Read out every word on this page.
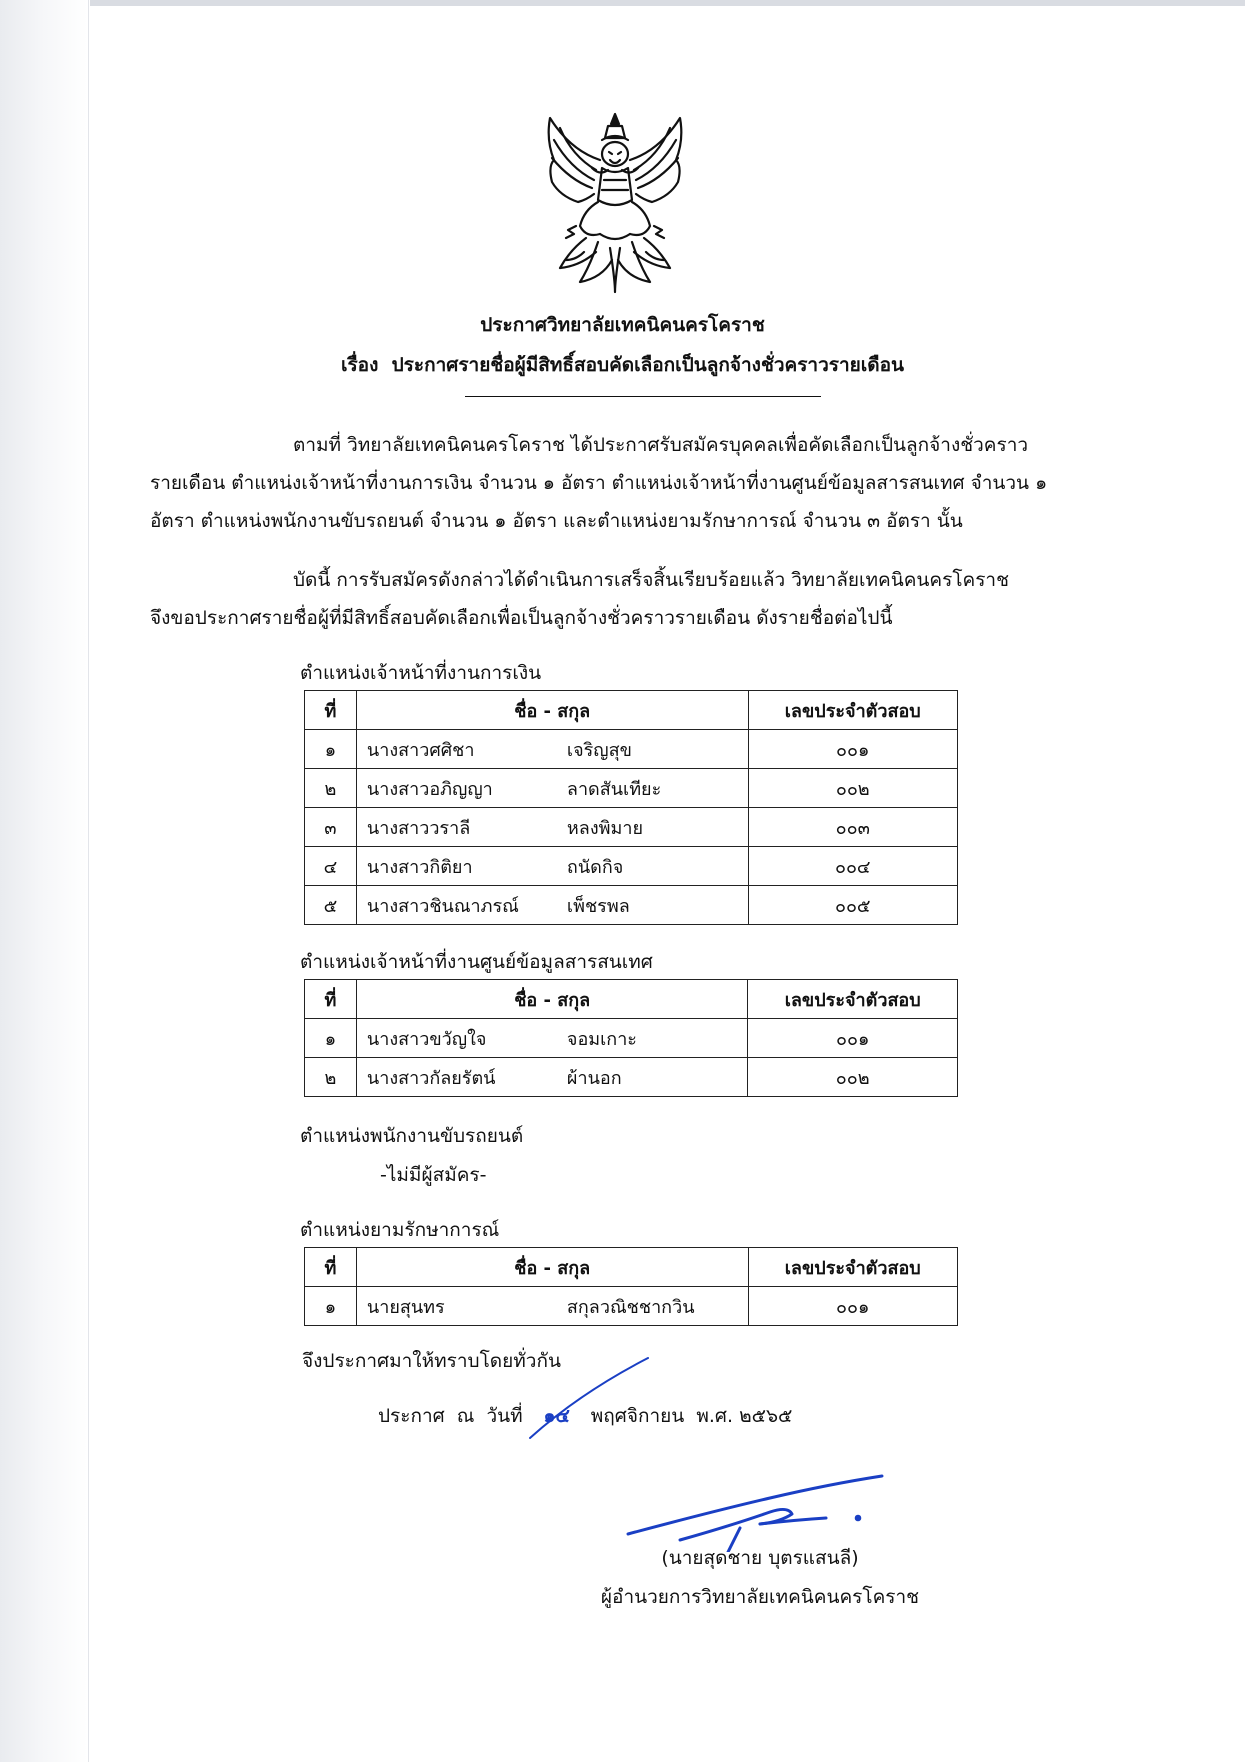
ประกาศวิทยาลัยเทคนิคนครโคราช
เรื่อง ประกาศรายชื่อผู้มีสิทธิ์สอบคัดเลือกเป็นลูกจ้างชั่วคราวรายเดือน
ตามที่ วิทยาลัยเทคนิคนครโคราช ได้ประกาศรับสมัครบุคคลเพื่อคัดเลือกเป็นลูกจ้างชั่วคราว
รายเดือน ตำแหน่งเจ้าหน้าที่งานการเงิน จำนวน ๑ อัตรา ตำแหน่งเจ้าหน้าที่งานศูนย์ข้อมูลสารสนเทศ จำนวน ๑
อัตรา ตำแหน่งพนักงานขับรถยนต์ จำนวน ๑ อัตรา และตำแหน่งยามรักษาการณ์ จำนวน ๓ อัตรา นั้น
บัดนี้ การรับสมัครดังกล่าวได้ดำเนินการเสร็จสิ้นเรียบร้อยแล้ว วิทยาลัยเทคนิคนครโคราช
จึงขอประกาศรายชื่อผู้ที่มีสิทธิ์สอบคัดเลือกเพื่อเป็นลูกจ้างชั่วคราวรายเดือน ดังรายชื่อต่อไปนี้
ตำแหน่งเจ้าหน้าที่งานการเงิน
ที่	ชื่อ - สกุล	เลขประจำตัวสอบ
๑	นางสาวศศิชา เจริญสุข	๐๐๑
๒	นางสาวอภิญญา ลาดสันเทียะ	๐๐๒
๓	นางสาววราลี หลงพิมาย	๐๐๓
๔	นางสาวกิติยา ถนัดกิจ	๐๐๔
๕	นางสาวชินณาภรณ์ เพ็ชรพล	๐๐๕
ตำแหน่งเจ้าหน้าที่งานศูนย์ข้อมูลสารสนเทศ
ที่	ชื่อ - สกุล	เลขประจำตัวสอบ
๑	นางสาวขวัญใจ จอมเกาะ	๐๐๑
๒	นางสาวกัลยรัตน์ ผ้านอก	๐๐๒
ตำแหน่งพนักงานขับรถยนต์
-ไม่มีผู้สมัคร-
ตำแหน่งยามรักษาการณ์
ที่	ชื่อ - สกุล	เลขประจำตัวสอบ
๑	นายสุนทร สกุลวณิชชากวิน	๐๐๑
จึงประกาศมาให้ทราบโดยทั่วกัน
ประกาศ  ณ  วันที่ ๑๔ พฤศจิกายน  พ.ศ. ๒๕๖๕
(นายสุดชาย บุตรแสนลี)
ผู้อำนวยการวิทยาลัยเทคนิคนครโคราช
